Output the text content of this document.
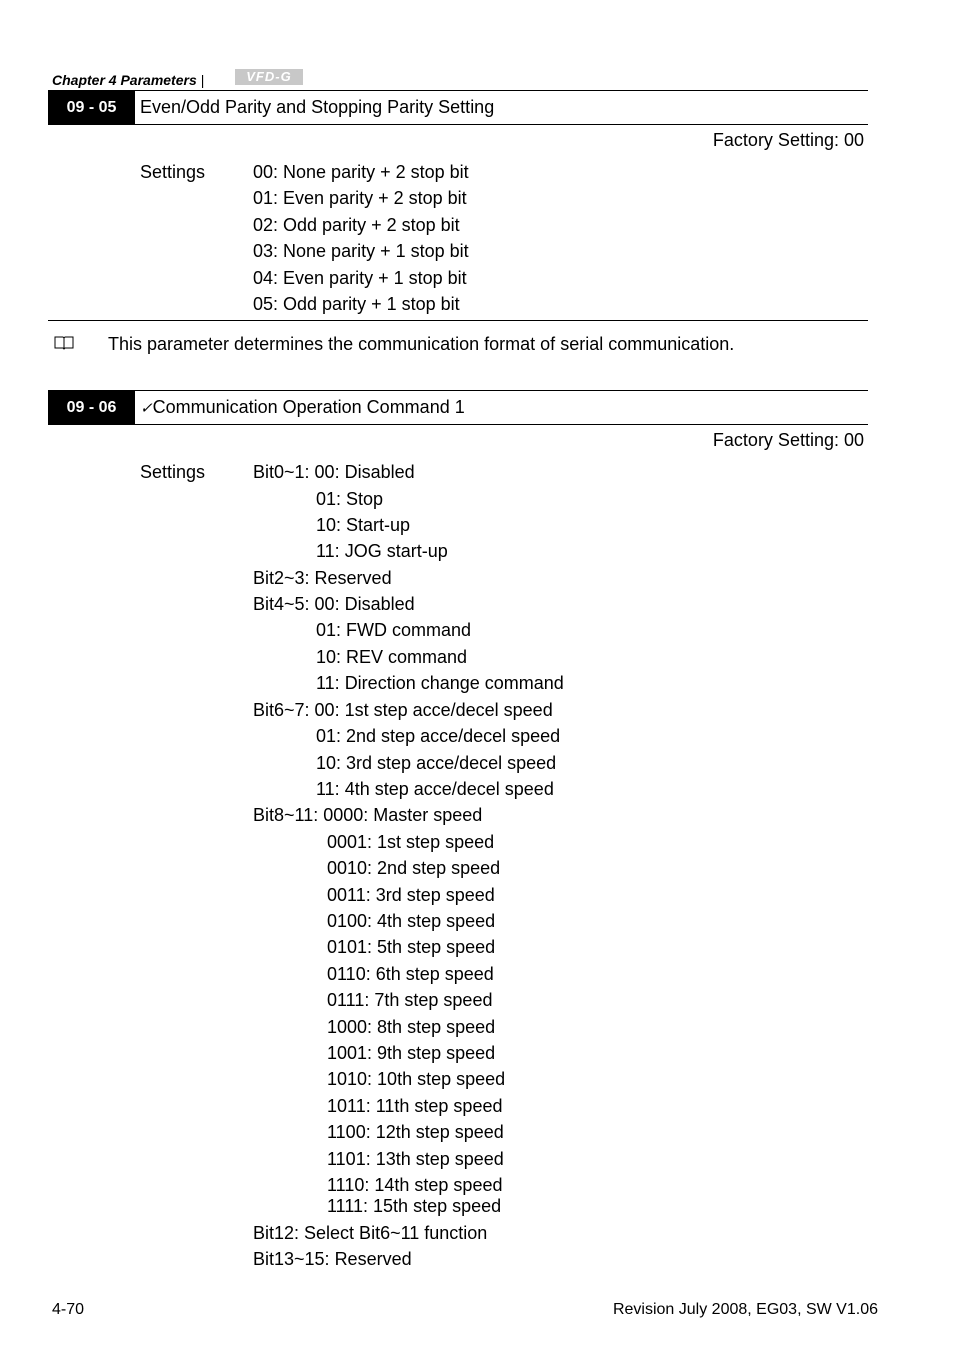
Chapter 4 Parameters |	VFD-G
09 - 05	Even/Odd Parity and Stopping Parity Setting
Factory Setting: 00
Settings	00: None parity + 2 stop bit
01: Even parity + 2 stop bit
02: Odd parity + 2 stop bit
03: None parity + 1 stop bit
04: Even parity + 1 stop bit
05: Odd parity + 1 stop bit
This parameter determines the communication format of serial communication.
09 - 06	✓Communication Operation Command 1
Factory Setting: 00
Settings	Bit0~1: 00: Disabled
01: Stop
10: Start-up
11: JOG start-up
Bit2~3: Reserved
Bit4~5: 00: Disabled
01: FWD command
10: REV command
11: Direction change command
Bit6~7: 00: 1st step acce/decel speed
01: 2nd step acce/decel speed
10: 3rd step acce/decel speed
11: 4th step acce/decel speed
Bit8~11: 0000: Master speed
0001: 1st step speed
0010: 2nd step speed
0011: 3rd step speed
0100: 4th step speed
0101: 5th step speed
0110: 6th step speed
0111: 7th step speed
1000: 8th step speed
1001: 9th step speed
1010: 10th step speed
1011: 11th step speed
1100: 12th step speed
1101: 13th step speed
1110: 14th step speed
1111: 15th step speed
Bit12: Select Bit6~11 function
Bit13~15: Reserved
4-70	Revision July 2008, EG03, SW V1.06
